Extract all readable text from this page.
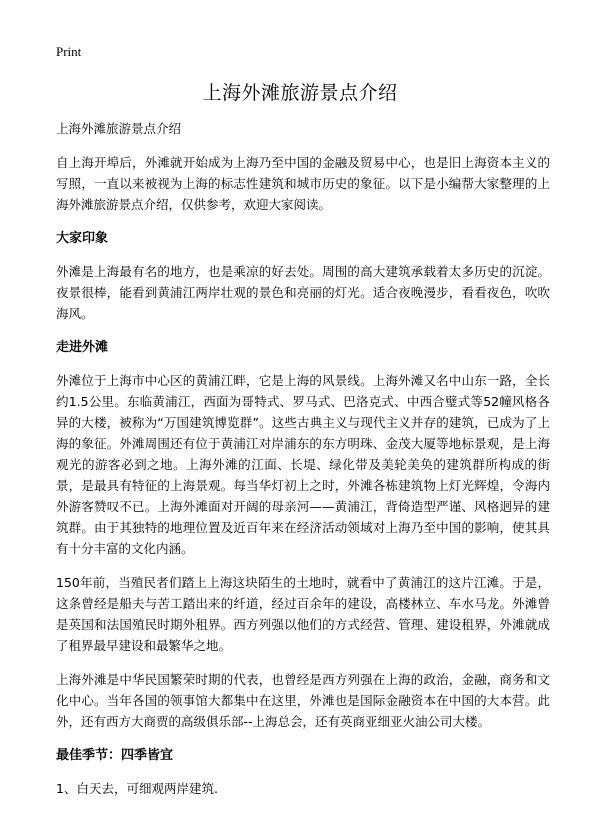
Print
上海外滩旅游景点介绍

上海外滩旅游景点介绍

自上海开埠后，外滩就开始成为上海乃至中国的金融及贸易中心，也是旧上海资本主义的写照，一直以来被视为上海的标志性建筑和城市历史的象征。以下是小编帮大家整理的上海外滩旅游景点介绍，仅供参考，欢迎大家阅读。

大家印象

外滩是上海最有名的地方，也是乘凉的好去处。周围的高大建筑承载着太多历史的沉淀。夜景很棒，能看到黄浦江两岸壮观的景色和亮丽的灯光。适合夜晚漫步，看看夜色，吹吹海风。

走进外滩

外滩位于上海市中心区的黄浦江畔，它是上海的风景线。上海外滩又名中山东一路，全长约1.5公里。东临黄浦江，西面为哥特式、罗马式、巴洛克式、中西合璧式等52幢风格各异的大楼，被称为“万国建筑博览群”。这些古典主义与现代主义并存的建筑，已成为了上海的象征。外滩周围还有位于黄浦江对岸浦东的东方明珠、金茂大厦等地标景观，是上海观光的游客必到之地。上海外滩的江面、长堤、绿化带及美轮美奂的建筑群所构成的街景，是最具有特征的上海景观。每当华灯初上之时，外滩各栋建筑物上灯光辉煌，令海内外游客赞叹不已。上海外滩面对开阔的母亲河——黄浦江，背倚造型严谨、风格迥异的建筑群。由于其独特的地理位置及近百年来在经济活动领域对上海乃至中国的影响，使其具有十分丰富的文化内涵。

150年前，当殖民者们踏上上海这块陌生的土地时，就看中了黄浦江的这片江滩。于是，这条曾经是船夫与苦工踏出来的纤道，经过百余年的建设，高楼林立、车水马龙。外滩曾是英国和法国殖民时期外租界。西方列强以他们的方式经营、管理、建设租界，外滩就成了租界最早建设和最繁华之地。

上海外滩是中华民国繁荣时期的代表，也曾经是西方列强在上海的政治，金融，商务和文化中心。当年各国的领事馆大都集中在这里，外滩也是国际金融资本在中国的大本营。此外，还有西方大商贾的高级俱乐部--上海总会，还有英商亚细亚火油公司大楼。

最佳季节：四季皆宜

1、白天去，可细观两岸建筑.
